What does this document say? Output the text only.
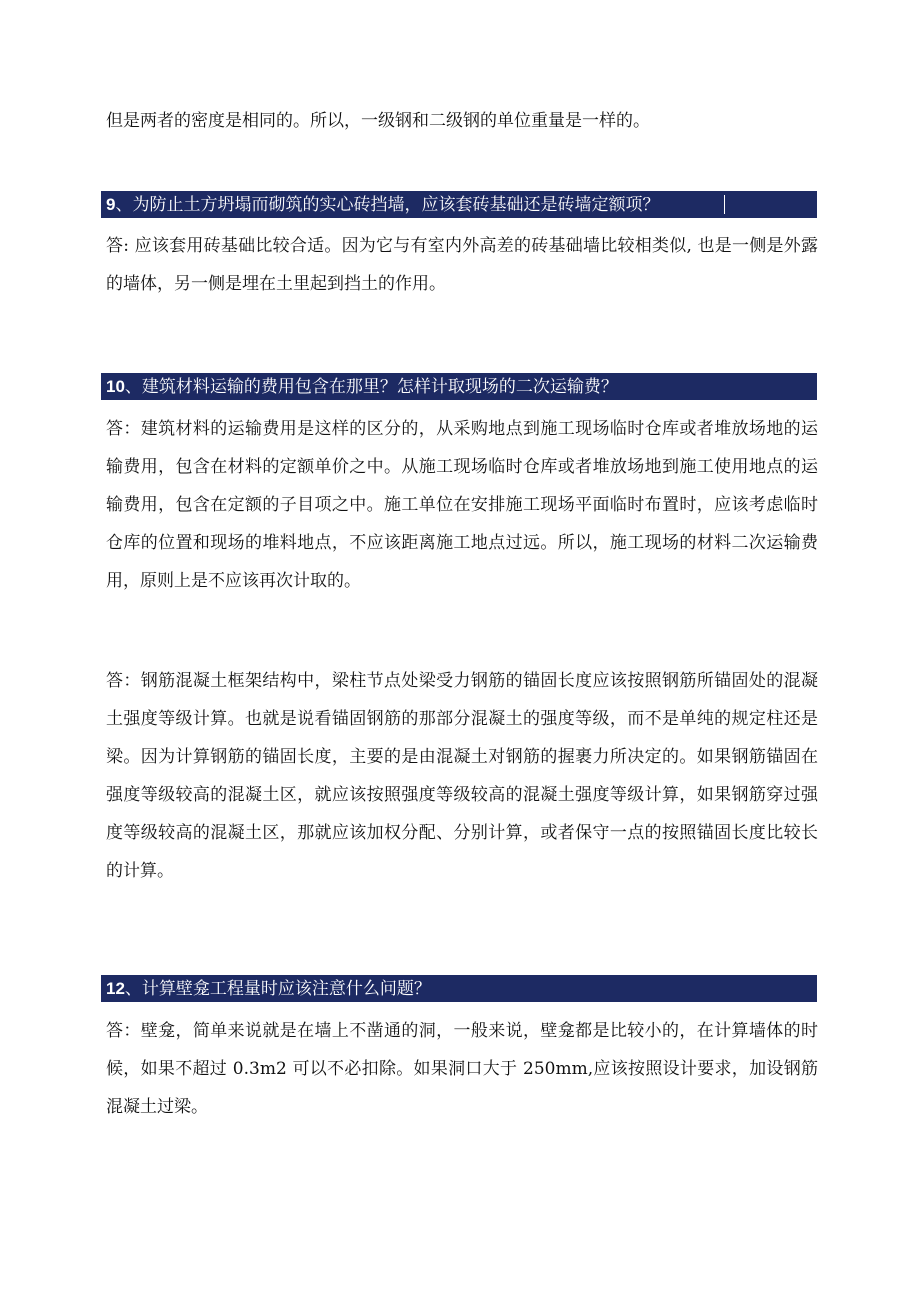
但是两者的密度是相同的。所以，一级钢和二级钢的单位重量是一样的。

9、为防止土方坍塌而砌筑的实心砖挡墙，应该套砖基础还是砖墙定额项？

答: 应该套用砖基础比较合适。因为它与有室内外高差的砖基础墙比较相类似, 也是一侧是外露的墙体，另一侧是埋在土里起到挡土的作用。

10、建筑材料运输的费用包含在那里？怎样计取现场的二次运输费？

答：建筑材料的运输费用是这样的区分的，从采购地点到施工现场临时仓库或者堆放场地的运输费用，包含在材料的定额单价之中。从施工现场临时仓库或者堆放场地到施工使用地点的运输费用，包含在定额的子目项之中。施工单位在安排施工现场平面临时布置时，应该考虑临时仓库的位置和现场的堆料地点，不应该距离施工地点过远。所以，施工现场的材料二次运输费用，原则上是不应该再次计取的。

答：钢筋混凝土框架结构中，梁柱节点处梁受力钢筋的锚固长度应该按照钢筋所锚固处的混凝土强度等级计算。也就是说看锚固钢筋的那部分混凝土的强度等级，而不是单纯的规定柱还是梁。因为计算钢筋的锚固长度，主要的是由混凝土对钢筋的握裹力所决定的。如果钢筋锚固在强度等级较高的混凝土区，就应该按照强度等级较高的混凝土强度等级计算，如果钢筋穿过强度等级较高的混凝土区，那就应该加权分配、分别计算，或者保守一点的按照锚固长度比较长的计算。

12、计算壁龛工程量时应该注意什么问题？

答：壁龛，简单来说就是在墙上不凿通的洞，一般来说，壁龛都是比较小的，在计算墙体的时候，如果不超过 0.3m2 可以不必扣除。如果洞口大于 250mm,应该按照设计要求，加设钢筋混凝土过梁。
